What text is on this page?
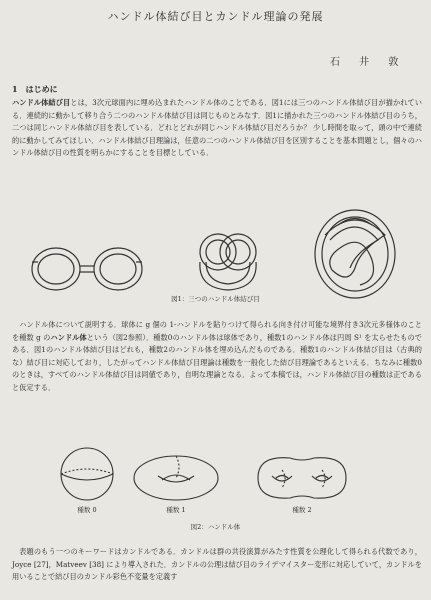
ハンドル体結び目とカンドル理論の発展
石 井 敦
1　はじめに

ハンドル体結び目とは，3次元球面内に埋め込まれたハンドル体のことである．図1には三つのハンドル体結び目が描かれている．連続的に動かして移り合う二つのハンドル体結び目は同じものとみなす．図1に描かれた三つのハンドル体結び目のうち，二つは同じハンドル体結び目を表している．どれとどれが同じハンドル体結び目だろうか？ 少し時間を取って，頭の中で連続的に動かしてみてほしい．ハンドル体結び目理論は，任意の二つのハンドル体結び目を区別することを基本問題とし，個々のハンドル体結び目の性質を明らかにすることを目標としている．

図1：三つのハンドル体結び目

ハンドル体について説明する．球体に g 個の 1-ハンドルを貼りつけて得られる向き付け可能な境界付き3次元多様体のことを種数 g のハンドル体という（図2参照）．種数0のハンドル体は球体であり，種数1のハンドル体は円周 S¹ を太らせたものである．図1のハンドル体結び目はどれも，種数2のハンドル体を埋め込んだものである．種数1のハンドル体結び目は（古典的な）結び目に対応しており，したがってハンドル体結び目理論は種数を一般化した結び目理論であるといえる．ちなみに種数0のときは，すべてのハンドル体結び目は同値であり，自明な理論となる．よって本稿では，ハンドル体結び目の種数は正であると仮定する．

種数 0	種数 1	種数 2
図2：ハンドル体

表題のもう一つのキーワードはカンドルである．カンドルは群の共役演算がみたす性質を公理化して得られる代数であり，Joyce [27]，Matveev [38] により導入された．カンドルの公理は結び目のライデマイスター変形に対応していて，カンドルを用いることで結び目のカンドル彩色不変量を定義す
